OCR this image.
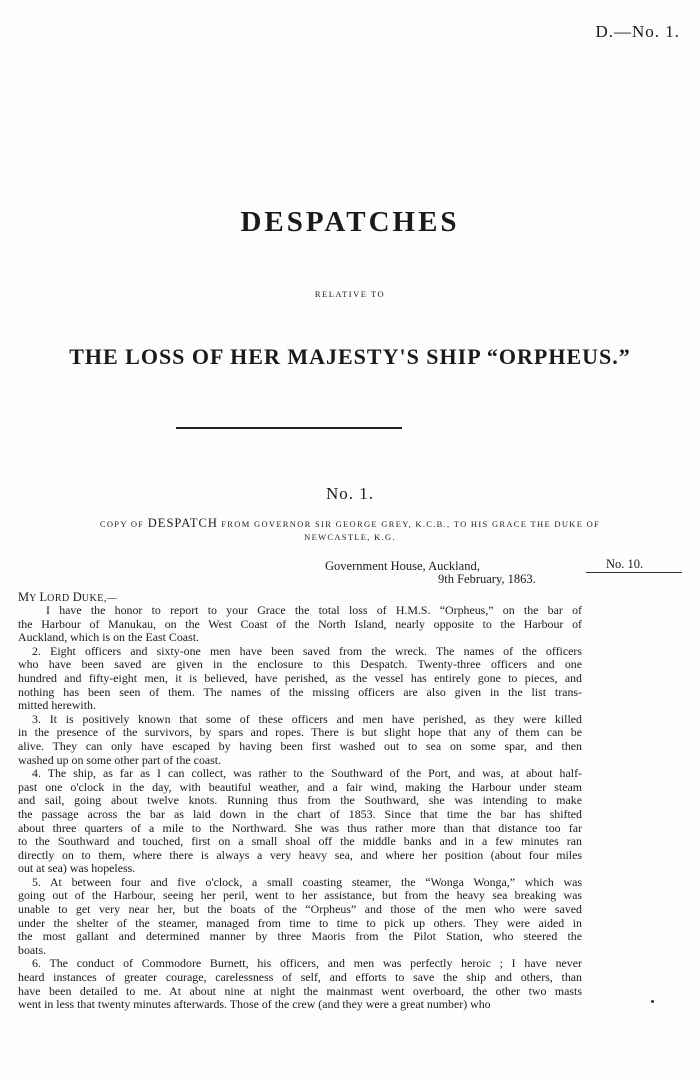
D.—No. 1.
DESPATCHES
RELATIVE TO
THE LOSS OF HER MAJESTY'S SHIP “ORPHEUS.”
No. 1.
COPY OF DESPATCH FROM GOVERNOR SIR GEORGE GREY, K.C.B., TO HIS GRACE THE DUKE OF
NEWCASTLE, K.G.
Government House, Auckland,
9th February, 1863.
No. 10.
MY LORD DUKE,—
I have the honor to report to your Grace the total loss of H.M.S. “Orpheus,” on the bar of
the Harbour of Manukau, on the West Coast of the North Island, nearly opposite to the Harbour of
Auckland, which is on the East Coast.
2. Eight officers and sixty-one men have been saved from the wreck. The names of the officers
who have been saved are given in the enclosure to this Despatch. Twenty-three officers and one
hundred and fifty-eight men, it is believed, have perished, as the vessel has entirely gone to pieces, and
nothing has been seen of them. The names of the missing officers are also given in the list trans-
mitted herewith.
3. It is positively known that some of these officers and men have perished, as they were killed
in the presence of the survivors, by spars and ropes. There is but slight hope that any of them can be
alive. They can only have escaped by having been first washed out to sea on some spar, and then
washed up on some other part of the coast.
4. The ship, as far as I can collect, was rather to the Southward of the Port, and was, at about half-
past one o'clock in the day, with beautiful weather, and a fair wind, making the Harbour under steam
and sail, going about twelve knots. Running thus from the Southward, she was intending to make
the passage across the bar as laid down in the chart of 1853. Since that time the bar has shifted
about three quarters of a mile to the Northward. She was thus rather more than that distance too far
to the Southward and touched, first on a small shoal off the middle banks and in a few minutes ran
directly on to them, where there is always a very heavy sea, and where her position (about four miles
out at sea) was hopeless.
5. At between four and five o'clock, a small coasting steamer, the “Wonga Wonga,” which was
going out of the Harbour, seeing her peril, went to her assistance, but from the heavy sea breaking was
unable to get very near her, but the boats of the “Orpheus” and those of the men who were saved
under the shelter of the steamer, managed from time to time to pick up others. They were aided in
the most gallant and determined manner by three Maoris from the Pilot Station, who steered the
boats.
6. The conduct of Commodore Burnett, his officers, and men was perfectly heroic ; I have never
heard instances of greater courage, carelessness of self, and efforts to save the ship and others, than
have been detailed to me. At about nine at night the mainmast went overboard, the other two masts
went in less that twenty minutes afterwards. Those of the crew (and they were a great number) who
